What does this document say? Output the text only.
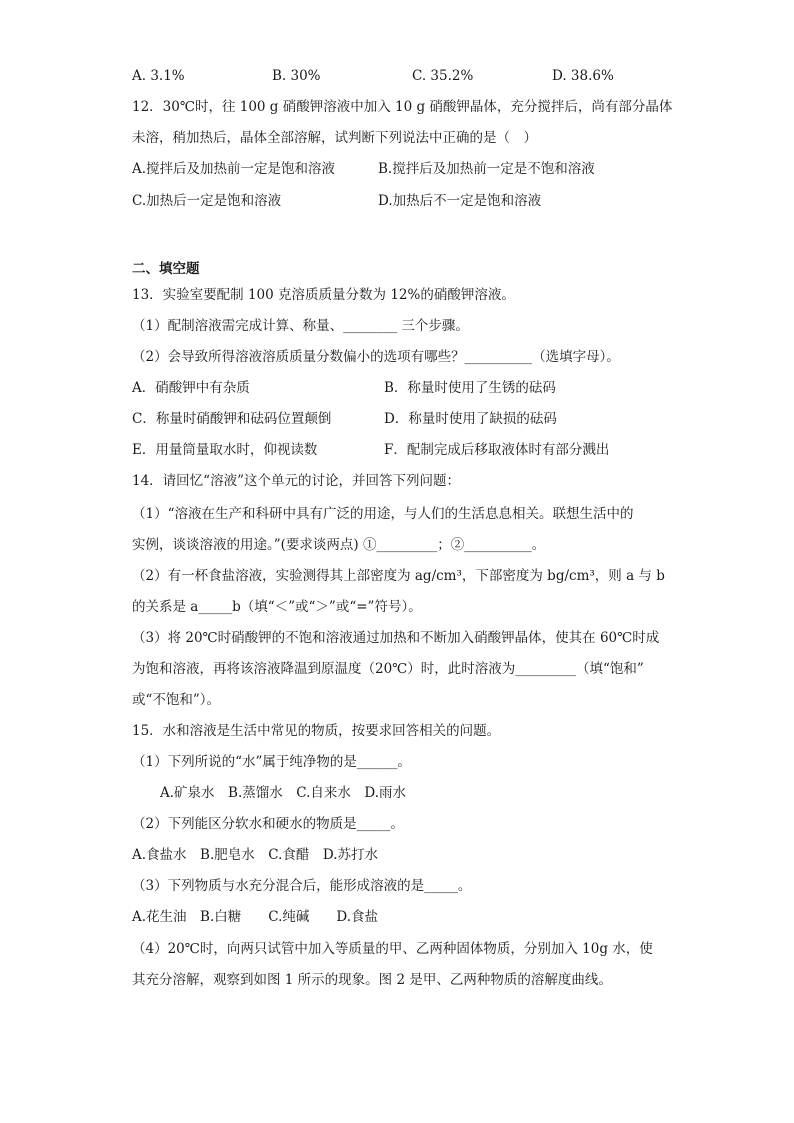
A. 3.1%	B. 30%	C. 35.2%	D. 38.6%
12．30℃时，往 100 g 硝酸钾溶液中加入 10 g 硝酸钾晶体，充分搅拌后，尚有部分晶体
未溶，稍加热后，晶体全部溶解，试判断下列说法中正确的是（　）
A.搅拌后及加热前一定是饱和溶液	B.搅拌后及加热前一定是不饱和溶液
C.加热后一定是饱和溶液	D.加热后不一定是饱和溶液
二、填空题
13．实验室要配制 100 克溶质质量分数为 12%的硝酸钾溶液。
（1）配制溶液需完成计算、称量、________ 三个步骤。
（2）会导致所得溶液溶质质量分数偏小的选项有哪些？__________（选填字母）。
A．硝酸钾中有杂质	B．称量时使用了生锈的砝码
C．称量时硝酸钾和砝码位置颠倒	D．称量时使用了缺损的砝码
E．用量筒量取水时，仰视读数	F．配制完成后移取液体时有部分溅出
14．请回忆“溶液”这个单元的讨论，并回答下列问题：
（1）“溶液在生产和科研中具有广泛的用途，与人们的生活息息相关。联想生活中的
实例，谈谈溶液的用途。”(要求谈两点) ①_________；②__________。
（2）有一杯食盐溶液，实验测得其上部密度为 ag/cm³，下部密度为 bg/cm³，则 a 与 b
的关系是 a_____b（填“＜”或“＞”或“=”符号）。
（3）将 20℃时硝酸钾的不饱和溶液通过加热和不断加入硝酸钾晶体，使其在 60℃时成
为饱和溶液，再将该溶液降温到原温度（20℃）时，此时溶液为_________（填“饱和”
或“不饱和”）。
15．水和溶液是生活中常见的物质，按要求回答相关的问题。
（1）下列所说的“水”属于纯净物的是______。
A.矿泉水　B.蒸馏水　C.自来水　D.雨水
（2）下列能区分软水和硬水的物质是_____。
A.食盐水　B.肥皂水　C.食醋　D.苏打水
（3）下列物质与水充分混合后，能形成溶液的是_____。
A.花生油　B.白糖　　C.纯碱　　D.食盐
（4）20℃时，向两只试管中加入等质量的甲、乙两种固体物质，分别加入 10g 水，使
其充分溶解，观察到如图 1 所示的现象。图 2 是甲、乙两种物质的溶解度曲线。
